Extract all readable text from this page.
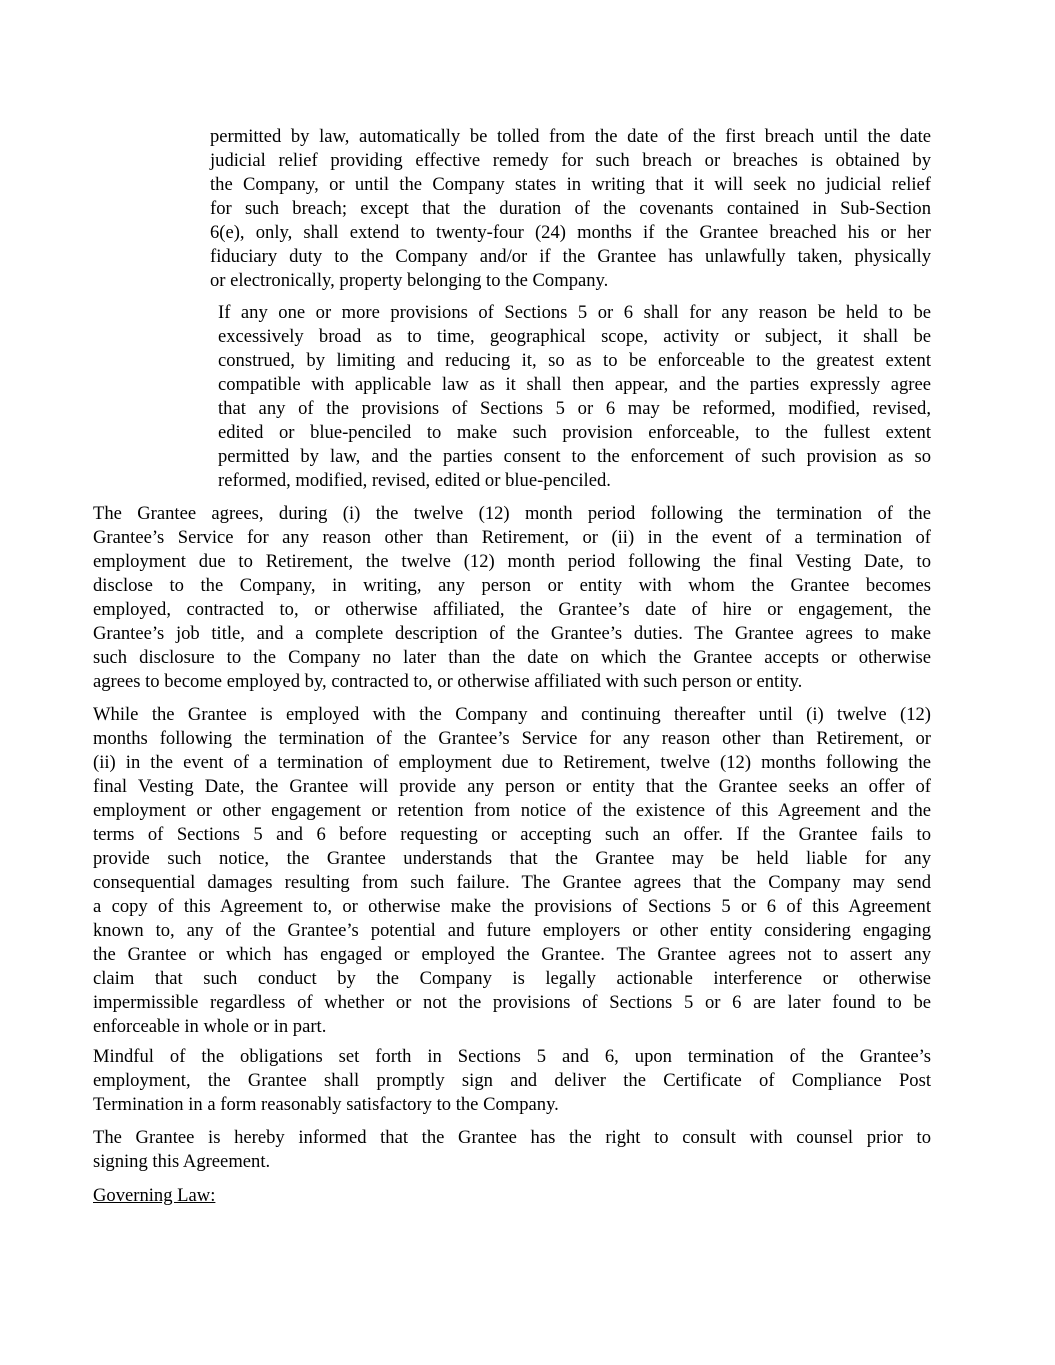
permitted by law, automatically be tolled from the date of the first breach until the date
judicial relief providing effective remedy for such breach or breaches is obtained by
the Company, or until the Company states in writing that it will seek no judicial relief
for such breach; except that the duration of the covenants contained in Sub-Section
6(e), only, shall extend to twenty-four (24) months if the Grantee breached his or her
fiduciary duty to the Company and/or if the Grantee has unlawfully taken, physically
or electronically, property belonging to the Company.
If any one or more provisions of Sections 5 or 6 shall for any reason be held to be
excessively broad as to time, geographical scope, activity or subject, it shall be
construed, by limiting and reducing it, so as to be enforceable to the greatest extent
compatible with applicable law as it shall then appear, and the parties expressly agree
that any of the provisions of Sections 5 or 6 may be reformed, modified, revised,
edited or blue-penciled to make such provision enforceable, to the fullest extent
permitted by law, and the parties consent to the enforcement of such provision as so
reformed, modified, revised, edited or blue-penciled.
The Grantee agrees, during (i) the twelve (12) month period following the termination of the
Grantee’s Service for any reason other than Retirement, or (ii) in the event of a termination of
employment due to Retirement, the twelve (12) month period following the final Vesting Date, to
disclose to the Company, in writing, any person or entity with whom the Grantee becomes
employed, contracted to, or otherwise affiliated, the Grantee’s date of hire or engagement, the
Grantee’s job title, and a complete description of the Grantee’s duties. The Grantee agrees to make
such disclosure to the Company no later than the date on which the Grantee accepts or otherwise
agrees to become employed by, contracted to, or otherwise affiliated with such person or entity.
While the Grantee is employed with the Company and continuing thereafter until (i) twelve (12)
months following the termination of the Grantee’s Service for any reason other than Retirement, or
(ii) in the event of a termination of employment due to Retirement, twelve (12) months following the
final Vesting Date, the Grantee will provide any person or entity that the Grantee seeks an offer of
employment or other engagement or retention from notice of the existence of this Agreement and the
terms of Sections 5 and 6 before requesting or accepting such an offer. If the Grantee fails to
provide such notice, the Grantee understands that the Grantee may be held liable for any
consequential damages resulting from such failure. The Grantee agrees that the Company may send
a copy of this Agreement to, or otherwise make the provisions of Sections 5 or 6 of this Agreement
known to, any of the Grantee’s potential and future employers or other entity considering engaging
the Grantee or which has engaged or employed the Grantee. The Grantee agrees not to assert any
claim that such conduct by the Company is legally actionable interference or otherwise
impermissible regardless of whether or not the provisions of Sections 5 or 6 are later found to be
enforceable in whole or in part.
Mindful of the obligations set forth in Sections 5 and 6, upon termination of the Grantee’s
employment, the Grantee shall promptly sign and deliver the Certificate of Compliance Post
Termination in a form reasonably satisfactory to the Company.
The Grantee is hereby informed that the Grantee has the right to consult with counsel prior to
signing this Agreement.
Governing Law:
